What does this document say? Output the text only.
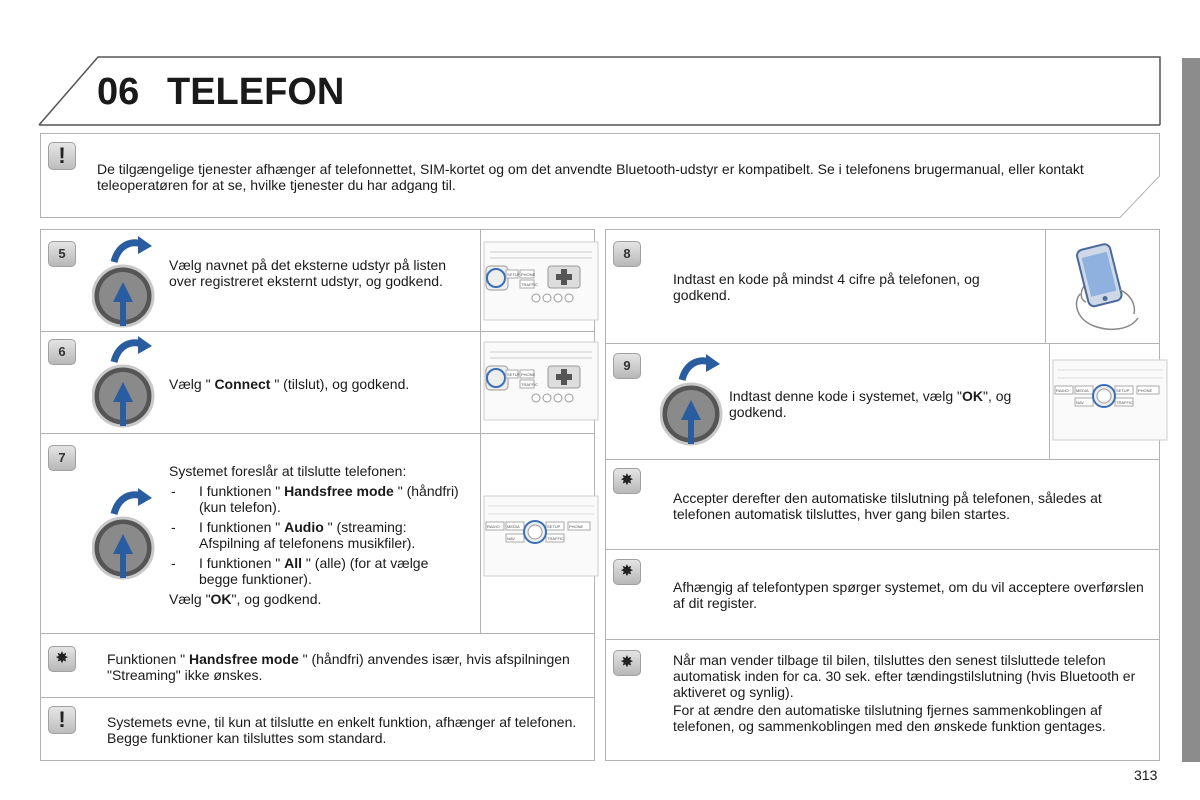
06 TELEFON
!
De tilgængelige tjenester afhænger af telefonnettet, SIM-kortet og om det anvendte Bluetooth-udstyr er kompatibelt. Se i telefonens brugermanual, eller kontakt teleoperatøren for at se, hvilke tjenester du har adgang til.
5
Vælg navnet på det eksterne udstyr på listen over registreret eksternt udstyr, og godkend.	SETUP PHONE
TRAFFIC
6
Vælg " Connect " (tilslut), og godkend.
SETUP PHONE
TRAFFIC
7
Systemet foreslår at tilslutte telefonen:
- I funktionen " Handsfree mode " (håndfri) (kun telefon).
- I funktionen " Audio " (streaming: Afspilning af telefonens musikfiler).
- I funktionen " All " (alle) (for at vælge begge funktioner).
Vælg "OK", og godkend.
RADIO MEDIA	SETUP PHONE
NAV	TRAFFIC
✸	Funktionen " Handsfree mode " (håndfri) anvendes især, hvis afspilningen "Streaming" ikke ønskes.
!	Systemets evne, til kun at tilslutte en enkelt funktion, afhænger af telefonen. Begge funktioner kan tilsluttes som standard.
8
Indtast en kode på mindst 4 cifre på telefonen, og godkend.
9
Indtast denne kode i systemet, vælg "OK", og godkend.
RADIO MEDIA	SETUP PHONE
NAV	TRAFFIC
✸
Accepter derefter den automatiske tilslutning på telefonen, således at telefonen automatisk tilsluttes, hver gang bilen startes.
✸
Afhængig af telefontypen spørger systemet, om du vil acceptere overførslen af dit register.
✸	Når man vender tilbage til bilen, tilsluttes den senest tilsluttede telefon automatisk inden for ca. 30 sek. efter tændingstilslutning (hvis Bluetooth er aktiveret og synlig).
For at ændre den automatiske tilslutning fjernes sammenkoblingen af telefonen, og sammenkoblingen med den ønskede funktion gentages.
313
